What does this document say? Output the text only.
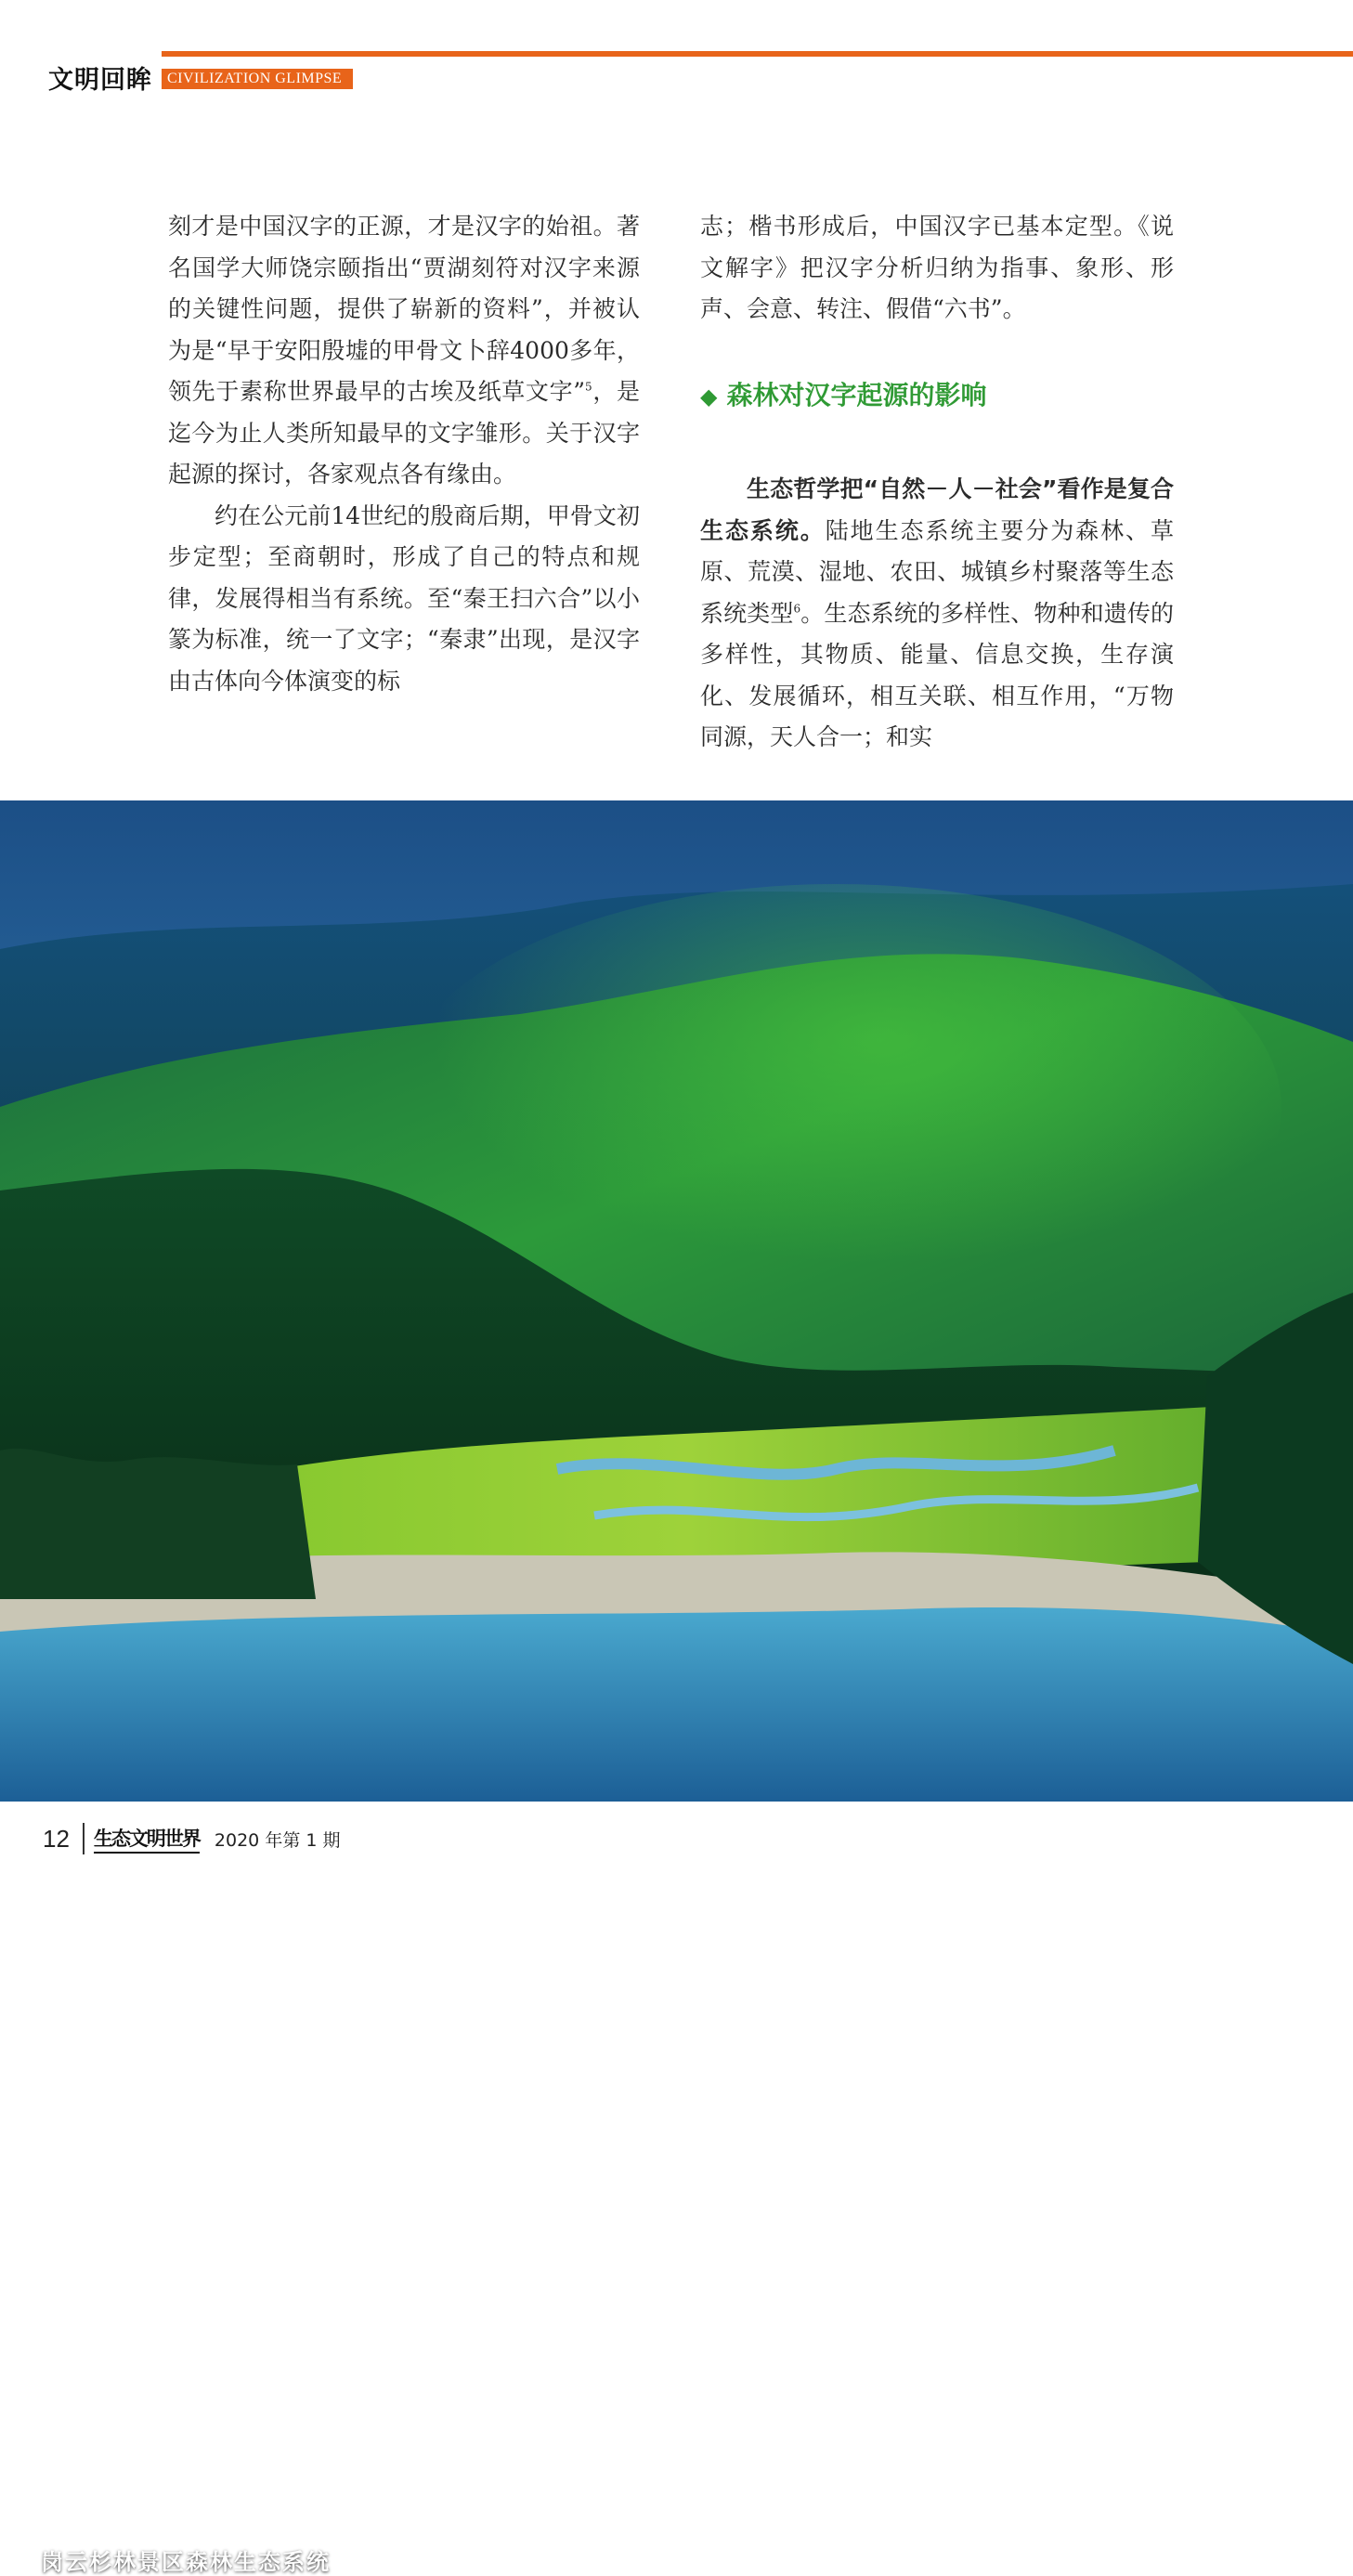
文明回眸	CIVILIZATION GLIMPSE

刻才是中国汉字的正源，才是汉字的始祖。著名国学大师饶宗颐指出“贾湖刻符对汉字来源的关键性问题，提供了崭新的资料”，并被认为是“早于安阳殷墟的甲骨文卜辞4000多年，领先于素称世界最早的古埃及纸草文字”$^5$，是迄今为止人类所知最早的文字雏形。关于汉字起源的探讨，各家观点各有缘由。

约在公元前14世纪的殷商后期，甲骨文初步定型；至商朝时，形成了自己的特点和规律，发展得相当有系统。至“秦王扫六合”以小篆为标准，统一了文字；“秦隶”出现，是汉字由古体向今体演变的标

志；楷书形成后，中国汉字已基本定型。《说文解字》把汉字分析归纳为指事、象形、形声、会意、转注、假借“六书”。

◆ 森林对汉字起源的影响

生态哲学把“自然－人－社会”看作是复合生态系统。陆地生态系统主要分为森林、草原、荒漠、湿地、农田、城镇乡村聚落等生态系统类型$^6$。生态系统的多样性、物种和遗传的多样性，其物质、能量、信息交换，生存演化、发展循环，相互关联、相互作用，“万物同源，天人合一；和实

岗云杉林景区森林生态系统
12 生态文明世界 2020 年第 1 期
